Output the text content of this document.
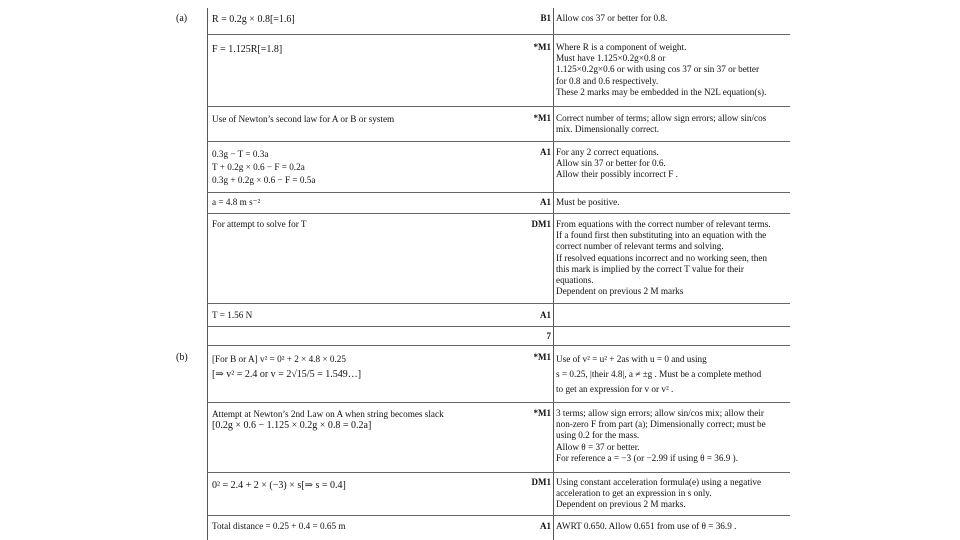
(a)
(b)
R = 0.2g × 0.8[=1.6]	B1 Allow cos 37 or better for 0.8.
F = 1.125R[=1.8]	*M1 Where R is a component of weight.
Must have 1.125×0.2g×0.8 or
1.125×0.2g×0.6 or with using cos 37 or sin 37 or better
for 0.8 and 0.6 respectively.
These 2 marks may be embedded in the N2L equation(s).
Use of Newton’s second law for A or B or system	*M1 Correct number of terms; allow sign errors; allow sin/cos
mix. Dimensionally correct.
0.3g − T = 0.3a
T + 0.2g × 0.6 − F = 0.2a
0.3g + 0.2g × 0.6 − F = 0.5a
A1 For any 2 correct equations.
Allow sin 37 or better for 0.6.
Allow their possibly incorrect F .
a = 4.8 m s⁻²	A1 Must be positive.
For attempt to solve for T	DM1 From equations with the correct number of relevant terms.
If a found first then substituting into an equation with the
correct number of relevant terms and solving.
If resolved equations incorrect and no working seen, then
this mark is implied by the correct T value for their
equations.
Dependent on previous 2 M marks
T = 1.56 N	A1
7
[For B or A] v² = 0² + 2 × 4.8 × 0.25
[⇒ v² = 2.4 or v = 2√15/5 = 1.549…]
*M1 Use of v² = u² + 2as with u = 0 and using
s = 0.25, |their 4.8|, a ≠ ±g . Must be a complete method
to get an expression for v or v² .
Attempt at Newton’s 2nd Law on A when string becomes slack
[0.2g × 0.6 − 1.125 × 0.2g × 0.8 = 0.2a]
*M1 3 terms; allow sign errors; allow sin/cos mix; allow their
non-zero F from part (a); Dimensionally correct; must be
using 0.2 for the mass.
Allow θ = 37 or better.
For reference a = −3 (or −2.99 if using θ = 36.9 ).
0² = 2.4 + 2 × (−3) × s[⇒ s = 0.4]	DM1 Using constant acceleration formula(e) using a negative
acceleration to get an expression in s only.
Dependent on previous 2 M marks.
Total distance = 0.25 + 0.4 = 0.65 m	A1 AWRT 0.650. Allow 0.651 from use of θ = 36.9 .
